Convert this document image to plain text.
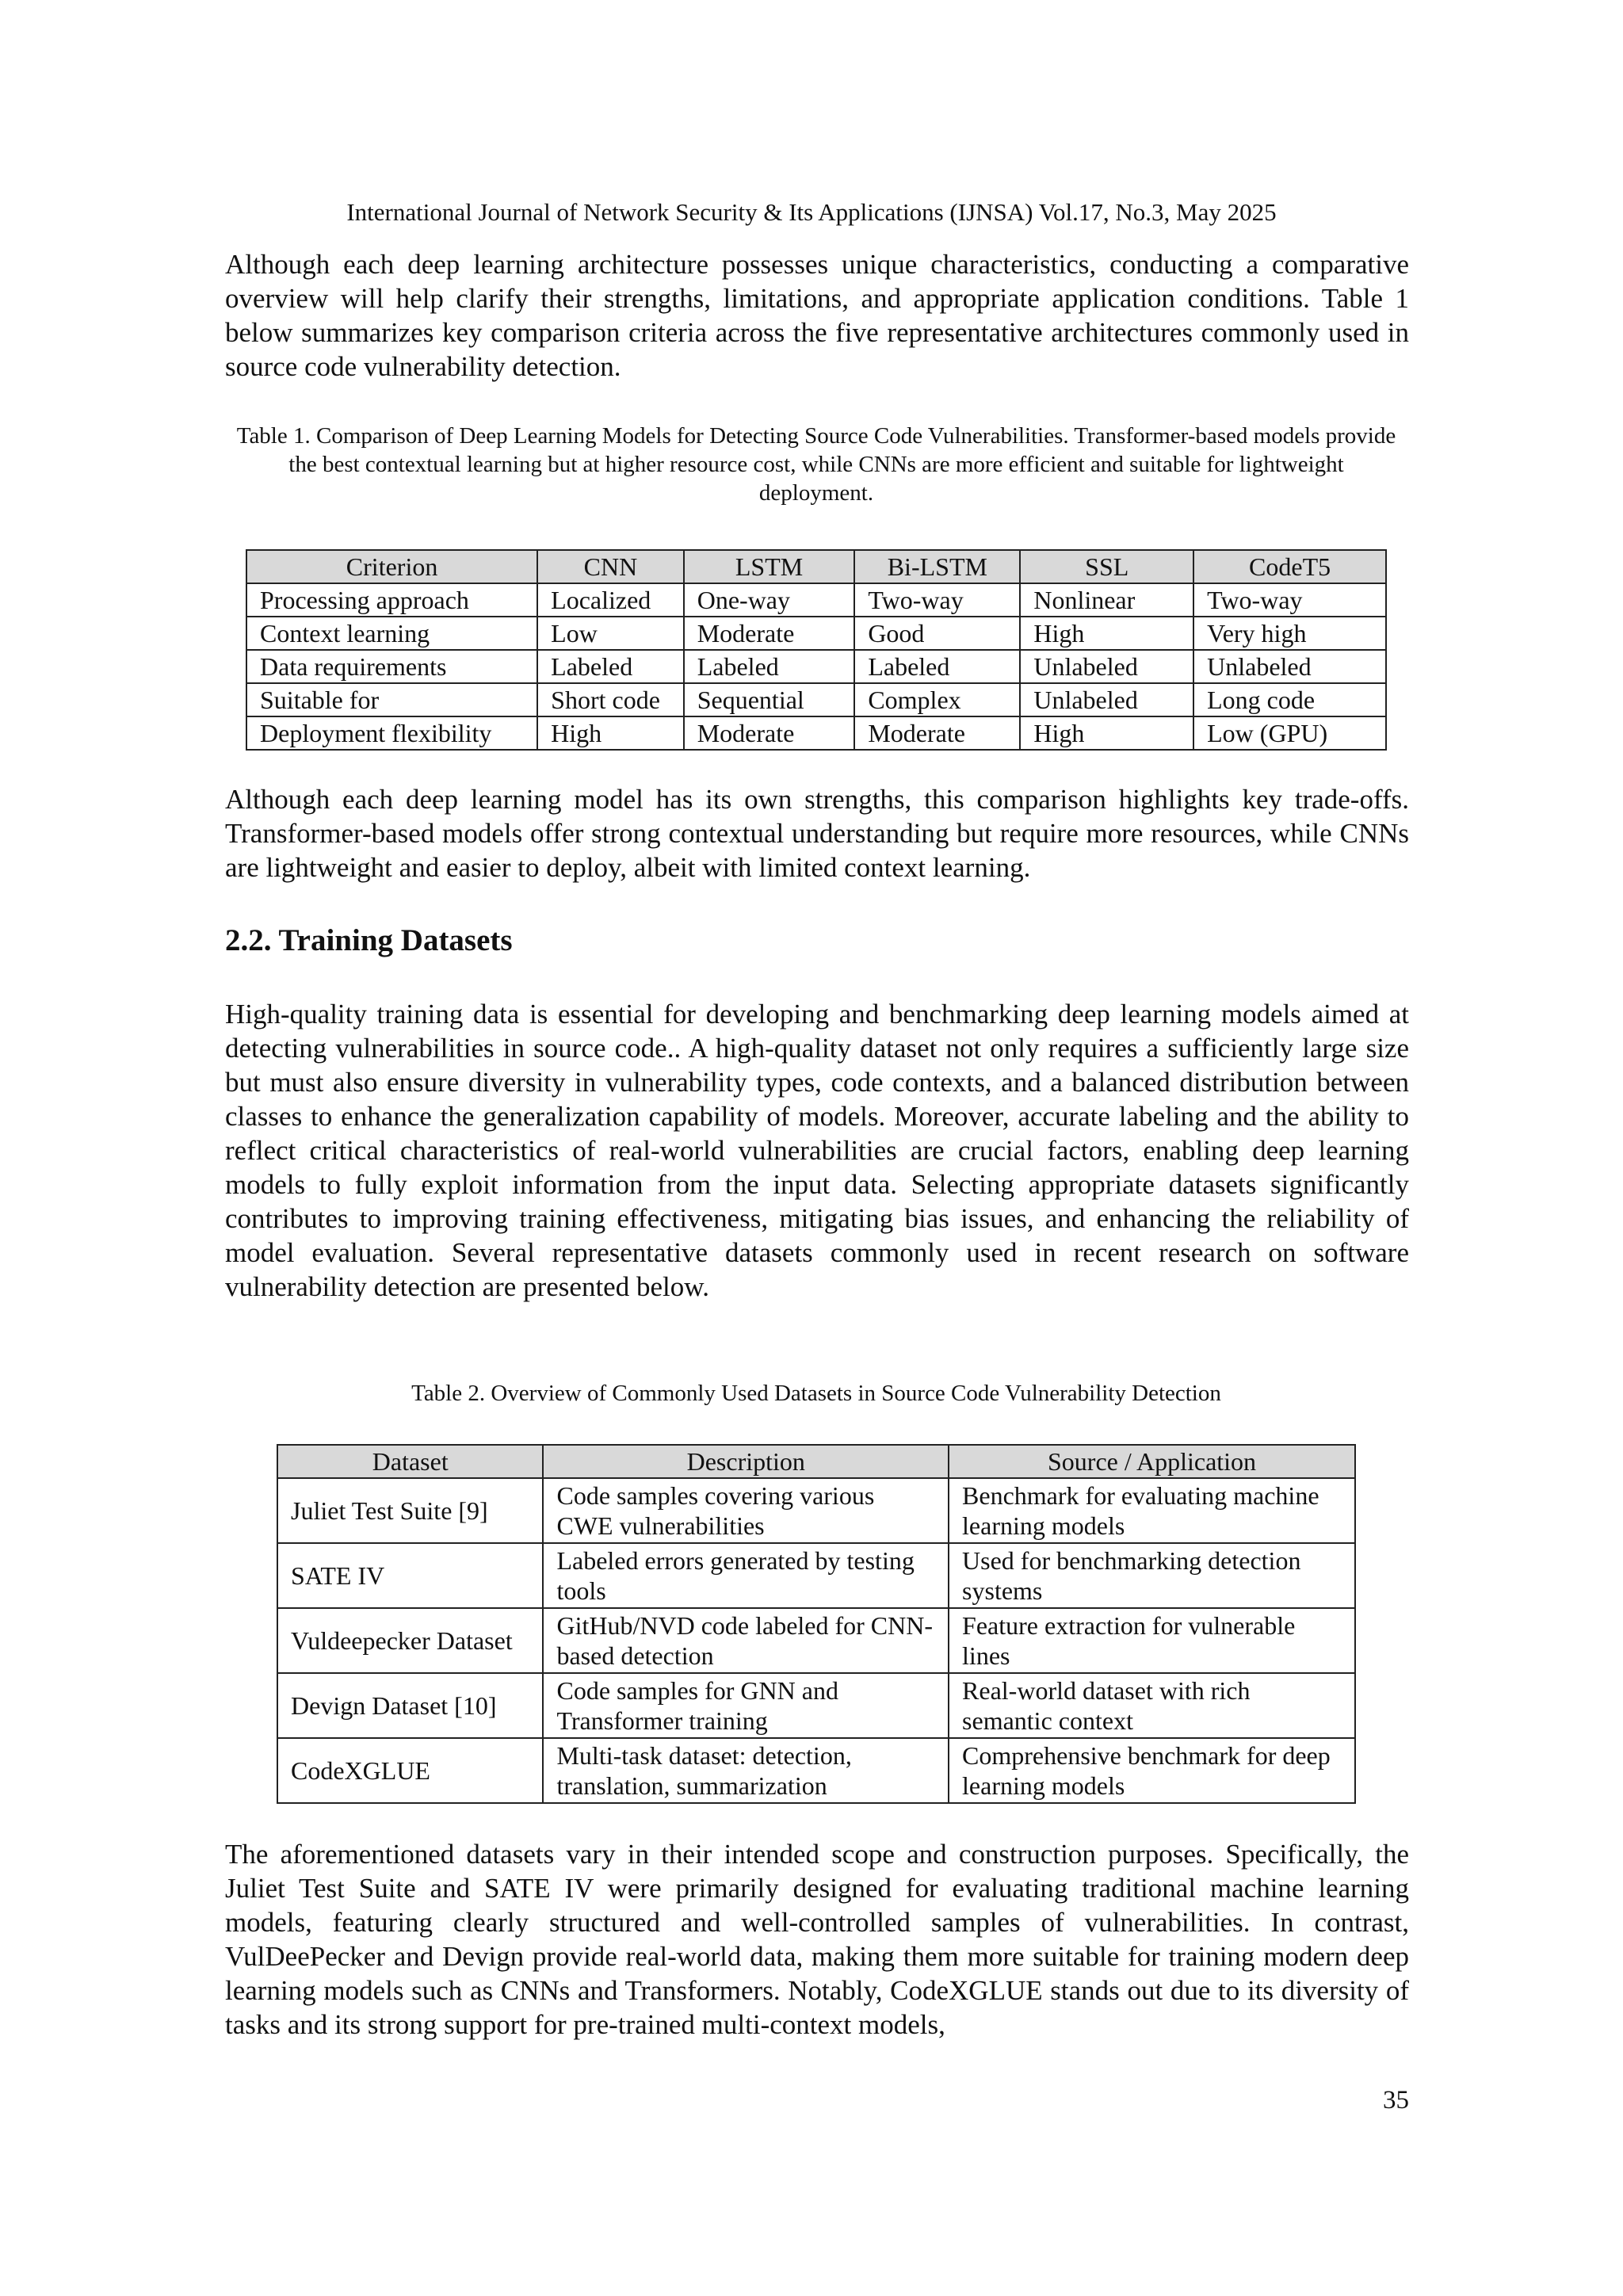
International Journal of Network Security & Its Applications (IJNSA) Vol.17, No.3, May 2025

Although each deep learning architecture possesses unique characteristics, conducting a comparative overview will help clarify their strengths, limitations, and appropriate application conditions. Table 1 below summarizes key comparison criteria across the five representative architectures commonly used in source code vulnerability detection.

Table 1. Comparison of Deep Learning Models for Detecting Source Code Vulnerabilities. Transformer-based models provide the best contextual learning but at higher resource cost, while CNNs are more efficient and suitable for lightweight deployment.

Criterion	CNN	LSTM	Bi-LSTM	SSL	CodeT5
Processing approach	Localized	One-way	Two-way	Nonlinear	Two-way
Context learning	Low	Moderate	Good	High	Very high
Data requirements	Labeled	Labeled	Labeled	Unlabeled	Unlabeled
Suitable for	Short code	Sequential	Complex	Unlabeled	Long code
Deployment flexibility	High	Moderate	Moderate	High	Low (GPU)

Although each deep learning model has its own strengths, this comparison highlights key trade-offs. Transformer-based models offer strong contextual understanding but require more resources, while CNNs are lightweight and easier to deploy, albeit with limited context learning.

2.2. Training Datasets

High-quality training data is essential for developing and benchmarking deep learning models aimed at detecting vulnerabilities in source code.. A high-quality dataset not only requires a sufficiently large size but must also ensure diversity in vulnerability types, code contexts, and a balanced distribution between classes to enhance the generalization capability of models. Moreover, accurate labeling and the ability to reflect critical characteristics of real-world vulnerabilities are crucial factors, enabling deep learning models to fully exploit information from the input data. Selecting appropriate datasets significantly contributes to improving training effectiveness, mitigating bias issues, and enhancing the reliability of model evaluation. Several representative datasets commonly used in recent research on software vulnerability detection are presented below.

Table 2. Overview of Commonly Used Datasets in Source Code Vulnerability Detection

Dataset	Description	Source / Application
Juliet Test Suite [9]	Code samples covering various CWE vulnerabilities	Benchmark for evaluating machine learning models
SATE IV	Labeled errors generated by testing tools	Used for benchmarking detection systems
Vuldeepecker Dataset	GitHub/NVD code labeled for CNN-based detection	Feature extraction for vulnerable lines
Devign Dataset [10]	Code samples for GNN and Transformer training	Real-world dataset with rich semantic context
CodeXGLUE	Multi-task dataset: detection, translation, summarization	Comprehensive benchmark for deep learning models

The aforementioned datasets vary in their intended scope and construction purposes. Specifically, the Juliet Test Suite and SATE IV were primarily designed for evaluating traditional machine learning models, featuring clearly structured and well-controlled samples of vulnerabilities. In contrast, VulDeePecker and Devign provide real-world data, making them more suitable for training modern deep learning models such as CNNs and Transformers. Notably, CodeXGLUE stands out due to its diversity of tasks and its strong support for pre-trained multi-context models,

35
